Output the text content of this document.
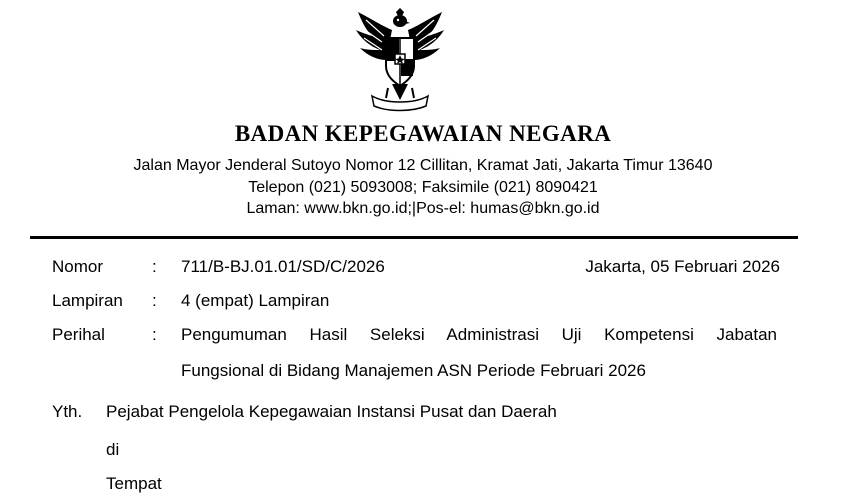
BADAN KEPEGAWAIAN NEGARA
Jalan Mayor Jenderal Sutoyo Nomor 12 Cillitan, Kramat Jati, Jakarta Timur 13640
Telepon (021) 5093008; Faksimile (021) 8090421
Laman: www.bkn.go.id;|Pos-el: humas@bkn.go.id
Nomor	: 711/B-BJ.01.01/SD/C/2026	Jakarta, 05 Februari 2026
Lampiran : 4 (empat) Lampiran
Perihal	: Pengumuman Hasil Seleksi Administrasi Uji Kompetensi Jabatan
Fungsional di Bidang Manajemen ASN Periode Februari 2026
Yth. Pejabat Pengelola Kepegawaian Instansi Pusat dan Daerah
di
Tempat
